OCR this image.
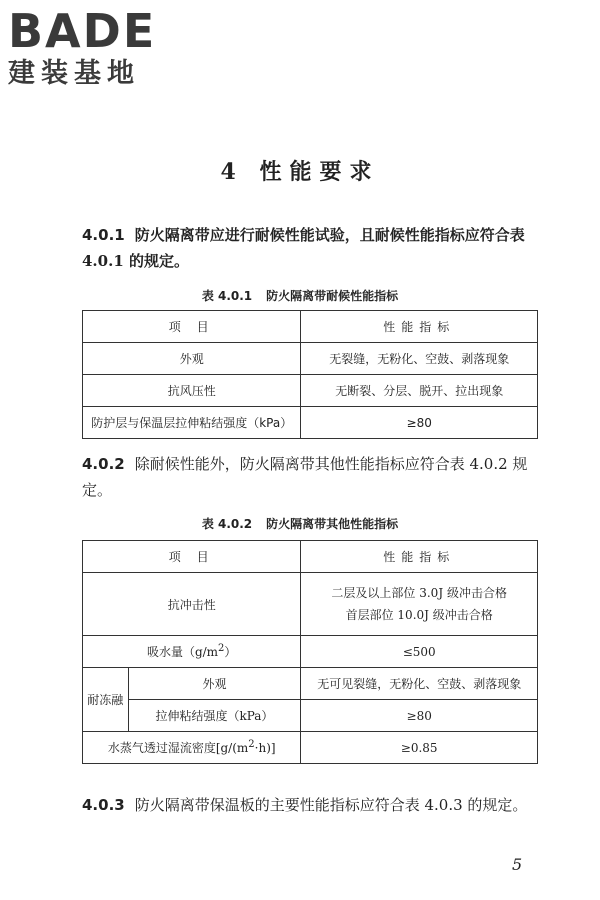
BADE
建装基地
4 性能要求
4.0.1 防火隔离带应进行耐候性能试验，且耐候性能指标应符合表 4.0.1 的规定。
表 4.0.1 防火隔离带耐候性能指标
项 目	性能指标
外观	无裂缝，无粉化、空鼓、剥落现象
抗风压性	无断裂、分层、脱开、拉出现象
防护层与保温层拉伸粘结强度（kPa）	≥80
4.0.2 除耐候性能外，防火隔离带其他性能指标应符合表 4.0.2 规定。
表 4.0.2 防火隔离带其他性能指标
项 目		性能指标
抗冲击性		二层及以上部位 3.0J 级冲击合格
首层部位 10.0J 级冲击合格

吸水量$(g/m^2)$		≤500
耐冻融	外观	无可见裂缝，无粉化、空鼓、剥落现象
	拉伸粘结强度（kPa）	≥80
水蒸气透过湿流密度$[g/(m^2\cdot h)]$		≥0.85
4.0.3 防火隔离带保温板的主要性能指标应符合表 4.0.3 的规定。
5
